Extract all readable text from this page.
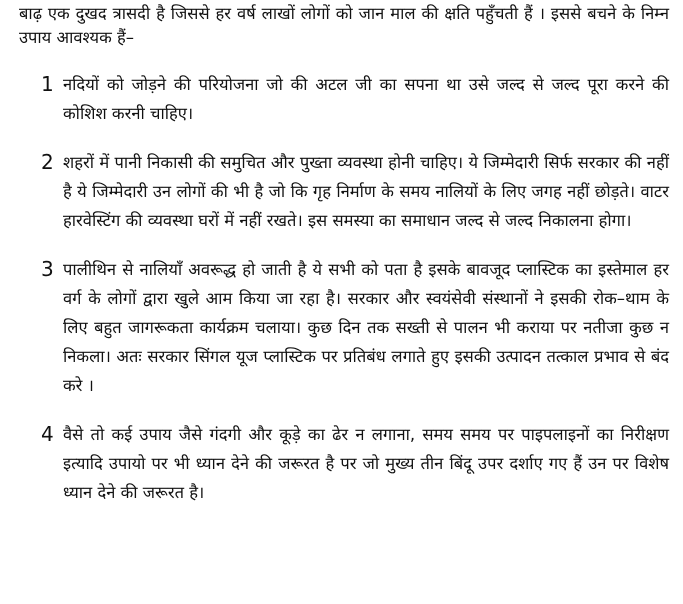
बाढ़ एक दुखद त्रासदी है जिससे हर वर्ष लाखों लोगों को जान माल की क्षति पहुँचती हैं । इससे बचने के निम्न उपाय आवश्यक हैं–

1 नदियों को जोड़ने की परियोजना जो की अटल जी का सपना था उसे जल्द से जल्द पूरा करने की कोशिश करनी चाहिए।
2 शहरों में पानी निकासी की समुचित और पुख्ता व्यवस्था होनी चाहिए। ये जिम्मेदारी सिर्फ सरकार की नहीं है ये जिम्मेदारी उन लोगों की भी है जो कि गृह निर्माण के समय नालियों के लिए जगह नहीं छोड़ते। वाटर हारवेस्टिंग की व्यवस्था घरों में नहीं रखते। इस समस्या का समाधान जल्द से जल्द निकालना होगा।
3 पालीथिन से नालियाँ अवरूद्ध हो जाती है ये सभी को पता है इसके बावजूद प्लास्टिक का इस्तेमाल हर वर्ग के लोगों द्वारा खुले आम किया जा रहा है। सरकार और स्वयंसेवी संस्थानों ने इसकी रोक–थाम के लिए बहुत जागरूकता कार्यक्रम चलाया। कुछ दिन तक सख्ती से पालन भी कराया पर नतीजा कुछ न निकला। अतः सरकार सिंगल यूज प्लास्टिक पर प्रतिबंध लगाते हुए इसकी उत्पादन तत्काल प्रभाव से बंद करे ।
4 वैसे तो कई उपाय जैसे गंदगी और कूड़े का ढेर न लगाना, समय समय पर पाइपलाइनों का निरीक्षण इत्यादि उपायो पर भी ध्यान देने की जरूरत है पर जो मुख्य तीन बिंदू उपर दर्शाए गए हैं उन पर विशेष ध्यान देने की जरूरत है।
